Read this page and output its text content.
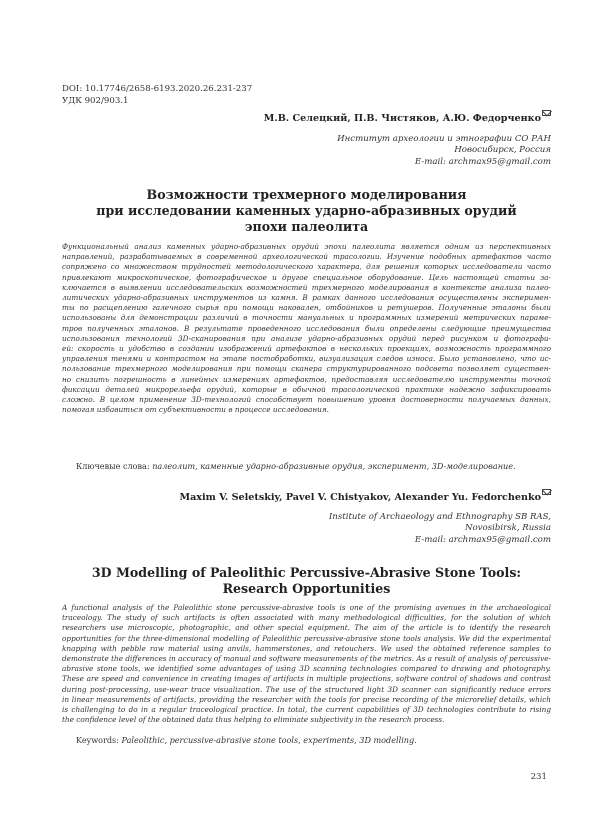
DOI: 10.17746/2658-6193.2020.26.231-237
УДК 902/903.1
М.В. Селецкий, П.В. Чистяков, А.Ю. Федорченко
Институт археологии и этнографии СО РАН
Новосибирск, Россия
E-mail: archmax95@gmail.com
Возможности трехмерного моделирования
при исследовании каменных ударно-абразивных орудий
эпохи палеолита
Функциональный анализ каменных ударно-абразивных орудий эпохи палеолита является одним из перспективных
направлений, разрабатываемых в современной археологической трасологии. Изучение подобных артефактов часто
сопряжено со множеством трудностей методологического характера, для решения которых исследователи часто
привлекают микроскопическое, фотографическое и другое специальное оборудование. Цель настоящей статьи за-
ключается в выявлении исследовательских возможностей трехмерного моделирования в контексте анализа палео-
литических ударно-абразивных инструментов из камня. В рамках данного исследования осуществлены эксперимен-
ты по расщеплению галечного сырья при помощи наковален, отбойников и ретушеров. Полученные эталоны были
использованы для демонстрации различий в точности мануальных и программных измерений метрических параме-
тров полученных эталонов. В результате проведенного исследования были определены следующие преимущества
использования технологий 3D-сканирования при анализе ударно-абразивных орудий перед рисунком и фотографи-
ей: скорость и удобство в создании изображений артефактов в нескольких проекциях, возможность программного
управления тенями и контрастом на этапе постобработки, визуализация следов износа. Было установлено, что ис-
пользование трехмерного моделирования при помощи сканера структурированного подсвета позволяет существен-
но снизить погрешность в линейных измерениях артефактов, предоставляя исследователю инструменты точной
фиксации деталей микрорельефа орудий, которые в обычной трасологической практике надежно зафиксировать
сложно. В целом применение 3D-технологий способствует повышению уровня достоверности получаемых данных,
помогая избавиться от субъективности в процессе исследования.
Ключевые слова: палеолит, каменные ударно-абразивные орудия, эксперимент, 3D-моделирование.
Maxim V. Seletskiy, Pavel V. Chistyakov, Alexander Yu. Fedorchenko
Institute of Archaeology and Ethnography SB RAS,
Novosibirsk, Russia
E-mail: archmax95@gmail.com
3D Modelling of Paleolithic Percussive-Abrasive Stone Tools:
Research Opportunities
A functional analysis of the Paleolithic stone percussive-abrasive tools is one of the promising avenues in the archaeological
traceology. The study of such artifacts is often associated with many methodological difficulties, for the solution of which
researchers use microscopic, photographic, and other special equipment. The aim of the article is to identify the research
opportunities for the three-dimensional modelling of Paleolithic percussive-abrasive stone tools analysis. We did the experimental
knapping with pebble raw material using anvils, hammerstones, and retouchers. We used the obtained reference samples to
demonstrate the differences in accuracy of manual and software measurements of the metrics. As a result of analysis of percussive-
abrasive stone tools, we identified some advantages of using 3D scanning technologies compared to drawing and photography.
These are speed and convenience in creating images of artifacts in multiple projections, software control of shadows and contrast
during post-processing, use-wear trace visualization. The use of the structured light 3D scanner can significantly reduce errors
in linear measurements of artifacts, providing the researcher with the tools for precise recording of the microrelief details, which
is challenging to do in a regular traceological practice. In total, the current capabilities of 3D technologies contribute to rising
the confidence level of the obtained data thus helping to eliminate subjectivity in the research process.
Keywords: Paleolithic, percussive-abrasive stone tools, experiments, 3D modelling.
231
